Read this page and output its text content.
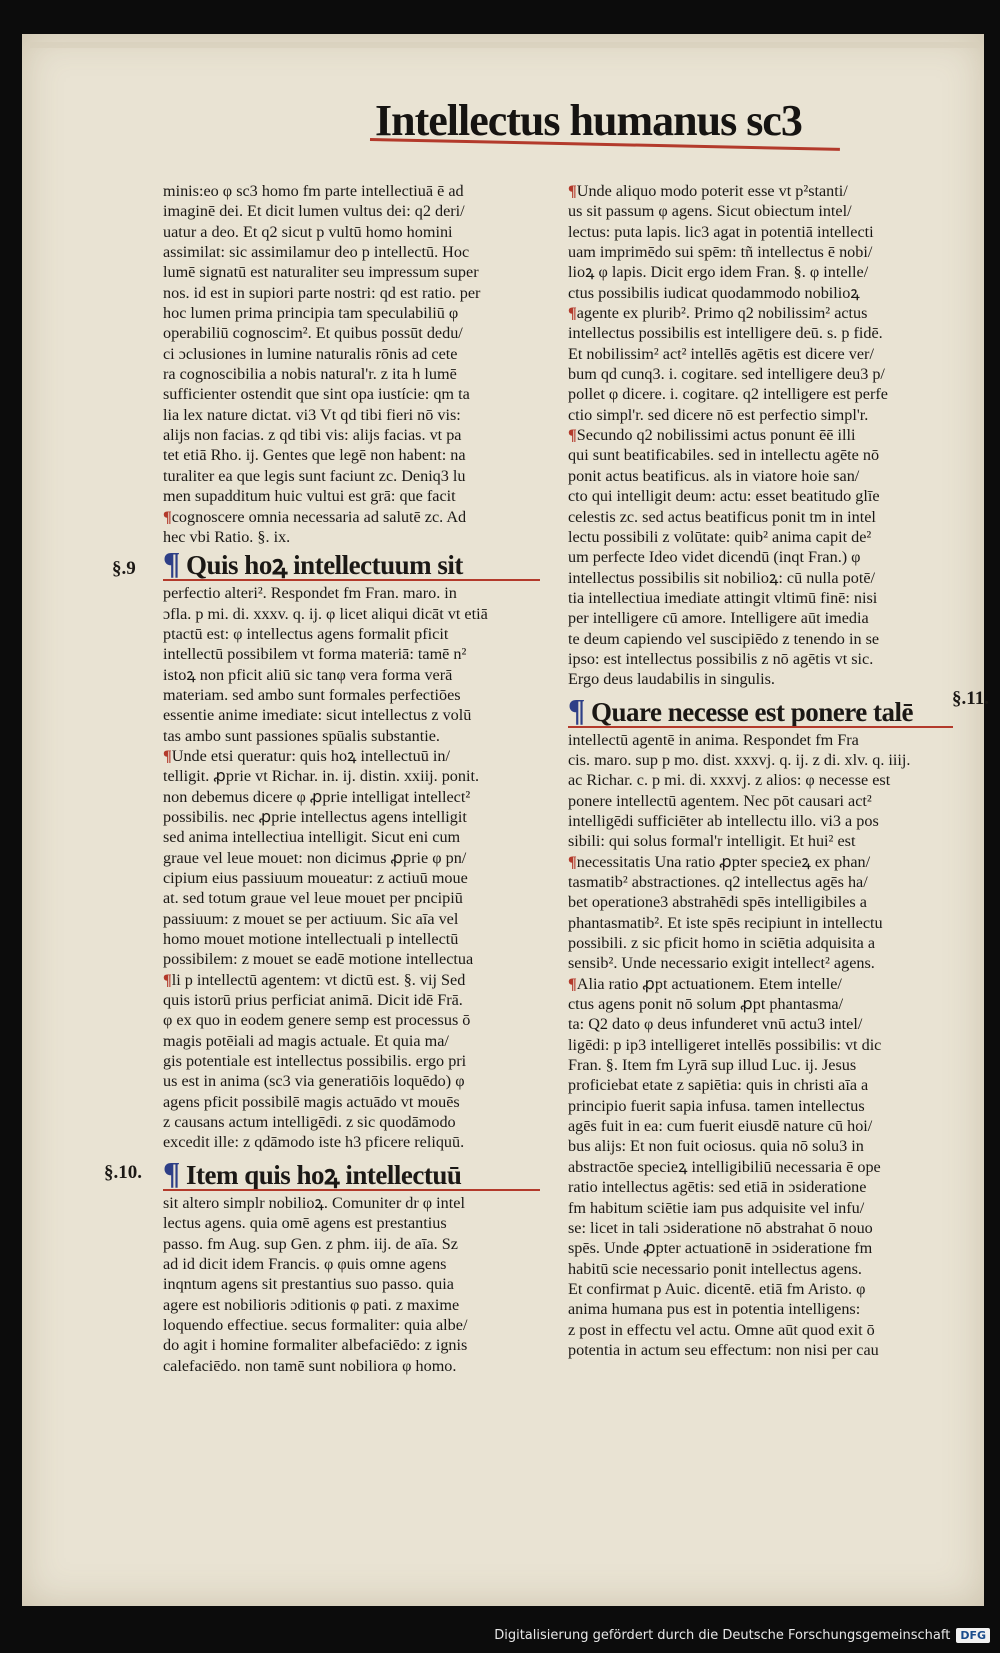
Intellectus humanus sc3
§.9
§.10.
§.11.
minis:eo φ sc3 homo fm parte intellectiuā ē ad
imaginē dei. Et dicit lumen vultus dei: q2 deri/
uatur a deo. Et q2 sicut p vultū homo homini
assimilat: sic assimilamur deo p intellectū. Hoc
lumē signatū est naturaliter seu impressum super
nos. id est in supiori parte nostri: qd est ratio. per
hoc lumen prima principia tam speculabiliū φ
operabiliū cognoscim². Et quibus possūt dedu/
ci ɔclusiones in lumine naturalis rōnis ad cete
ra cognoscibilia a nobis natural'r. z ita h lumē
sufficienter ostendit que sint opa iustície: qm ta
lia lex nature dictat. vi3 Vt qd tibi fieri nō vis:
alijs non facias. z qd tibi vis: alijs facias. vt pa
tet etiā Rho. ij. Gentes que legē non habent: na
turaliter ea que legis sunt faciunt zc. Deniq3 lu
men supadditum huic vultui est grā: que facit
¶cognoscere omnia necessaria ad salutē zc. Ad
hec vbi Ratio. §. ix.
¶ Quis hoꝝ intellectuum sit
perfectio alteri². Respondet fm Fran. maro. in
ɔfla. p mi. di. xxxv. q. ij. φ licet aliqui dicāt vt etiā
ptactū est: φ intellectus agens formalit pficit
intellectū possibilem vt forma materiā: tamē n²
istoꝝ non pficit aliū sic tanφ vera forma verā
materiam. sed ambo sunt formales perfectiōes
essentie anime imediate: sicut intellectus z volū
tas ambo sunt passiones spūalis substantie.
¶Unde etsi queratur: quis hoꝝ intellectuū in/
telligit. ꝓprie vt Richar. in. ij. distin. xxiij. ponit.
non debemus dicere φ ꝓprie intelligat intellect²
possibilis. nec ꝓprie intellectus agens intelligit
sed anima intellectiua intelligit. Sicut eni cum
graue vel leue mouet: non dicimus ꝓprie φ pn/
cipium eius passiuum moueatur: z actiuū moue
at. sed totum graue vel leue mouet per pncipiū
passiuum: z mouet se per actiuum. Sic aīa vel
homo mouet motione intellectuali p intellectū
possibilem: z mouet se eadē motione intellectua
¶li p intellectū agentem: vt dictū est. §. vij Sed
quis istorū prius perficiat animā. Dicit idē Frā.
φ ex quo in eodem genere semp est processus ō
magis potēiali ad magis actuale. Et quia ma/
gis potentiale est intellectus possibilis. ergo pri
us est in anima (sc3 via generatiōis loquēdo) φ
agens pficit possibilē magis actuādo vt mouēs
z causans actum intelligēdi. z sic quodāmodo
excedit ille: z qdāmodo iste h3 pficere reliquū.
¶ Item quis hoꝝ intellectuū
sit altero simplr nobilioꝝ. Comuniter dr φ intel
lectus agens. quia omē agens est prestantius
passo. fm Aug. sup Gen. z phm. iij. de aīa. Sz
ad id dicit idem Francis. φ φuis omne agens
inqntum agens sit prestantius suo passo. quia
agere est nobilioris ɔditionis φ pati. z maxime
loquendo effectiue. secus formaliter: quia albe/
do agit i homine formaliter albefaciēdo: z ignis
calefaciēdo. non tamē sunt nobiliora φ homo.
¶Unde aliquo modo poterit esse vt p²stanti/
us sit passum φ agens. Sicut obiectum intel/
lectus: puta lapis. lic3 agat in potentiā intellecti
uam imprimēdo sui spēm: tñ intellectus ē nobi/
lioꝝ φ lapis. Dicit ergo idem Fran. §. φ intelle/
ctus possibilis iudicat quodammodo nobilioꝝ
¶agente ex plurib². Primo q2 nobilissim² actus
intellectus possibilis est intelligere deū. s. p fidē.
Et nobilissim² act² intellēs agētis est dicere ver/
bum qd cunq3. i. cogitare. sed intelligere deu3 p/
pollet φ dicere. i. cogitare. q2 intelligere est perfe
ctio simpl'r. sed dicere nō est perfectio simpl'r.
¶Secundo q2 nobilissimi actus ponunt ēē illi
qui sunt beatificabiles. sed in intellectu agēte nō
ponit actus beatificus. als in viatore hoie san/
cto qui intelligit deum: actu: esset beatitudo glīe
celestis zc. sed actus beatificus ponit tm in intel
lectu possibili z volūtate: quib² anima capit de²
um perfecte Ideo videt dicendū (inqt Fran.) φ
intellectus possibilis sit nobilioꝝ: cū nulla potē/
tia intellectiua imediate attingit vltimū finē: nisi
per intelligere cū amore. Intelligere aūt imedia
te deum capiendo vel suscipiēdo z tenendo in se
ipso: est intellectus possibilis z nō agētis vt sic.
Ergo deus laudabilis in singulis.
¶ Quare necesse est ponere talē
intellectū agentē in anima. Respondet fm Fra
cis. maro. sup p mo. dist. xxxvj. q. ij. z di. xlv. q. iiij.
ac Richar. c. p mi. di. xxxvj. z alios: φ necesse est
ponere intellectū agentem. Nec pōt causari act²
intelligēdi sufficiēter ab intellectu illo. vi3 a pos
sibili: qui solus formal'r intelligit. Et hui² est
¶necessitatis Una ratio ꝓpter specieꝝ ex phan/
tasmatib² abstractiones. q2 intellectus agēs ha/
bet operatione3 abstrahēdi spēs intelligibiles a
phantasmatib². Et iste spēs recipiunt in intellectu
possibili. z sic pficit homo in sciētia adquisita a
sensib². Unde necessario exigit intellect² agens.
¶Alia ratio ꝓpt actuationem. Etem intelle/
ctus agens ponit nō solum ꝓpt phantasma/
ta: Q2 dato φ deus infunderet vnū actu3 intel/
ligēdi: p ip3 intelligeret intellēs possibilis: vt dic
Fran. §. Item fm Lyrā sup illud Luc. ij. Jesus
proficiebat etate z sapiētia: quis in christi aīa a
principio fuerit sapia infusa. tamen intellectus
agēs fuit in ea: cum fuerit eiusdē nature cū hoi/
bus alijs: Et non fuit ociosus. quia nō solu3 in
abstractōe specieꝝ intelligibiliū necessaria ē ope
ratio intellectus agētis: sed etiā in ɔsideratione
fm habitum sciētie iam pus adquisite vel infu/
se: licet in tali ɔsideratione nō abstrahat ō nouo
spēs. Unde ꝓpter actuationē in ɔsideratione fm
habitū scie necessario ponit intellectus agens.
Et confirmat p Auic. dicentē. etiā fm Aristo. φ
anima humana pus est in potentia intelligens:
z post in effectu vel actu. Omne aūt quod exit ō
potentia in actum seu effectum: non nisi per cau
Digitalisierung gefördert durch die Deutsche Forschungsgemeinschaft DFG
